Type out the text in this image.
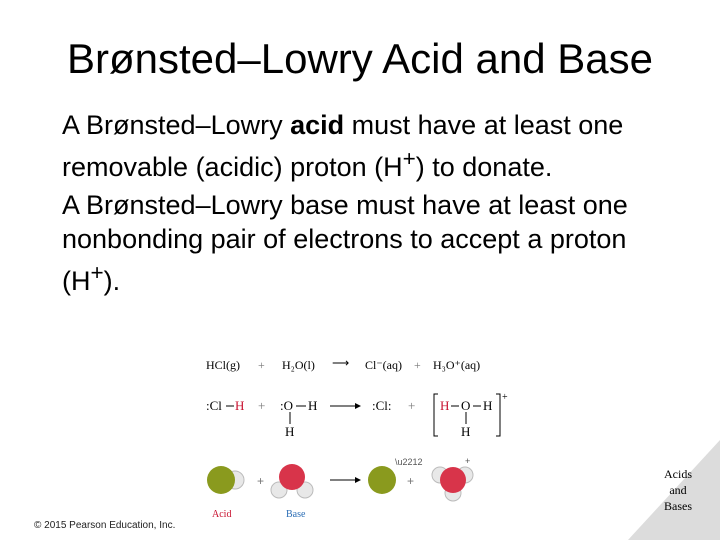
Brønsted–Lowry Acid and Base

A Brønsted–Lowry acid must have at least one removable (acidic) proton (H+) to donate.

A Brønsted–Lowry base must have at least one nonbonding pair of electrons to accept a proton (H+).

HCl(g) + H₂O(l) ⟶ Cl⁻(aq) + H₃O⁺(aq)
:Cl H + :O H
H
:Cl: + H O H
H
+
+
\u2212
+
+
Acid	Base
© 2015 Pearson Education, Inc.
Acids
and
Bases
